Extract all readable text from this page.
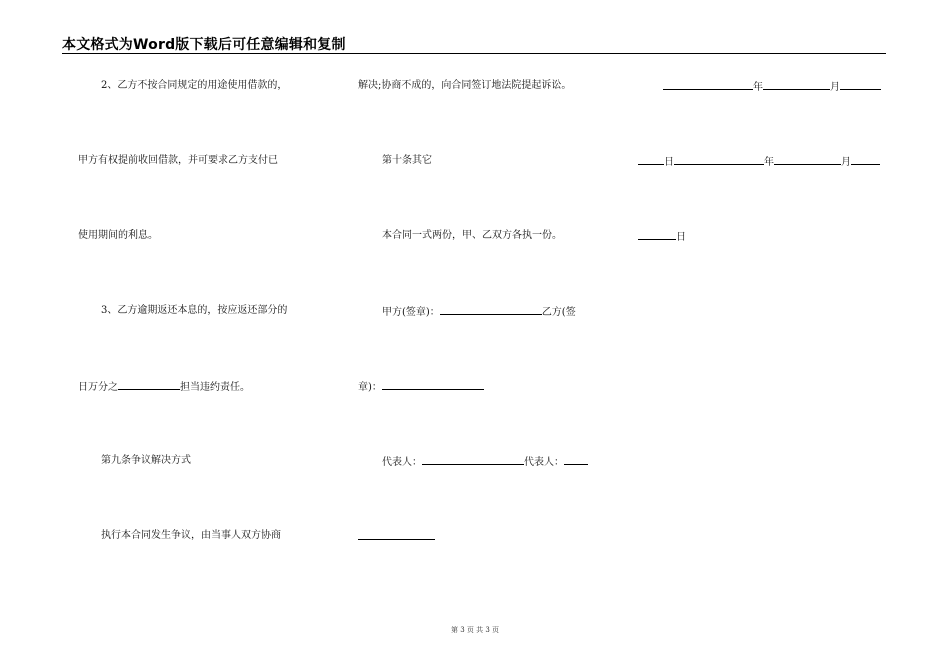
本文格式为Word版下载后可任意编辑和复制
2、乙方不按合同规定的用途使用借款的，
甲方有权提前收回借款，并可要求乙方支付已
使用期间的利息。
3、乙方逾期返还本息的，按应返还部分的
日万分之	担当违约责任。
第九条争议解决方式
执行本合同发生争议，由当事人双方协商
解决;协商不成的，向合同签订地法院提起诉讼。
第十条其它
本合同一式两份，甲、乙双方各执一份。
甲方(签章)：	乙方(签
章)：
代表人：	代表人：
年	月
日	年	月
日
第 3 页 共 3 页
